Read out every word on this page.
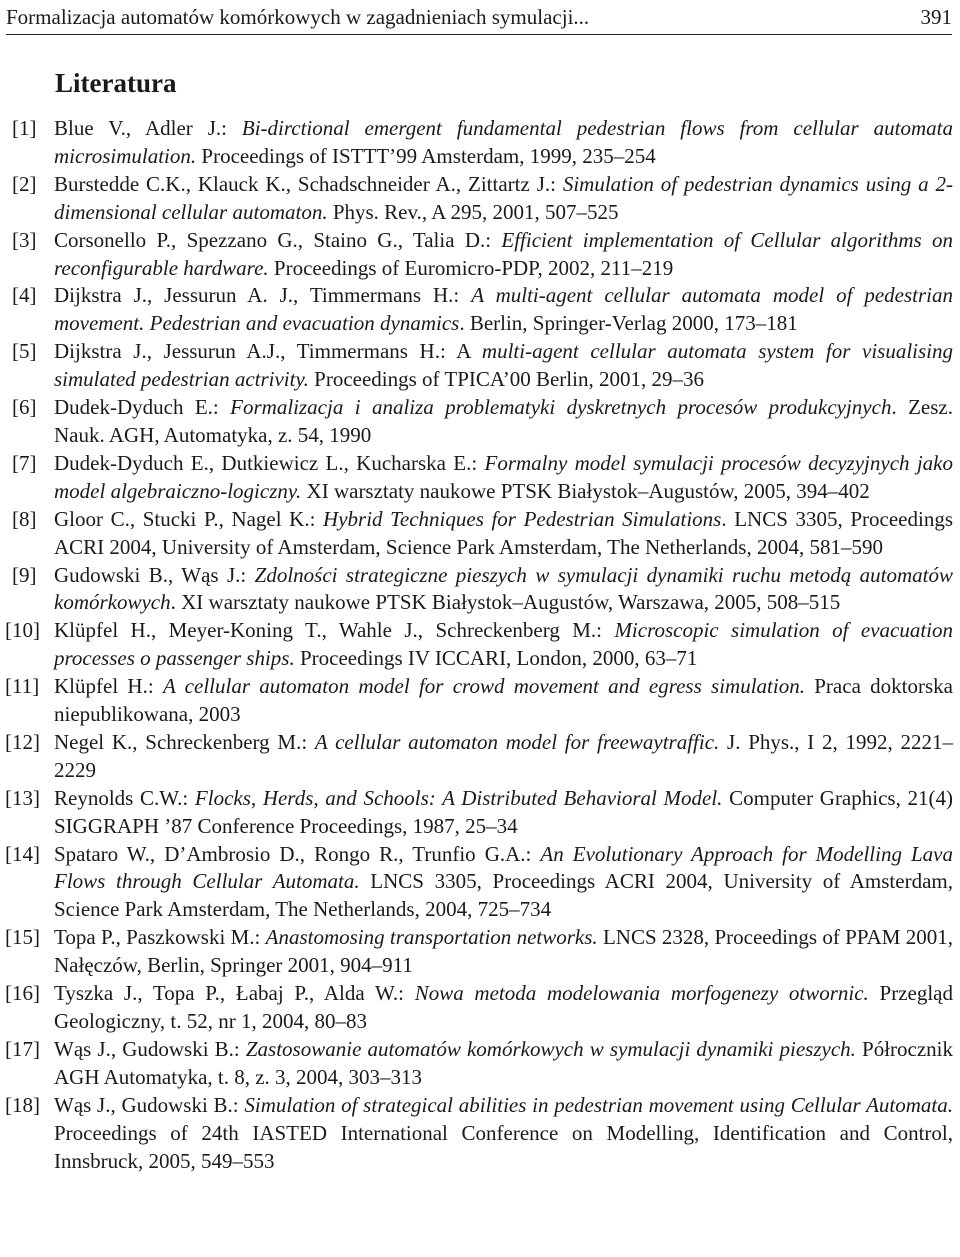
Formalizacja automatów komórkowych w zagadnieniach symulacji...	391
Literatura
[1] Blue V., Adler J.: Bi-dirctional emergent fundamental pedestrian flows from cellular automata microsimulation. Proceedings of ISTTT’99 Amsterdam, 1999, 235–254
[2] Burstedde C.K., Klauck K., Schadschneider A., Zittartz J.: Simulation of pedestrian dynamics using a 2-dimensional cellular automaton. Phys. Rev., A 295, 2001, 507–525
[3] Corsonello P., Spezzano G., Staino G., Talia D.: Efficient implementation of Cellular algorithms on reconfigurable hardware. Proceedings of Euromicro-PDP, 2002, 211–219
[4] Dijkstra J., Jessurun A. J., Timmermans H.: A multi-agent cellular automata model of pedestrian movement. Pedestrian and evacuation dynamics. Berlin, Springer-Verlag 2000, 173–181
[5] Dijkstra J., Jessurun A.J., Timmermans H.: A multi-agent cellular automata system for visualising simulated pedestrian actrivity. Proceedings of TPICA’00 Berlin, 2001, 29–36
[6] Dudek-Dyduch E.: Formalizacja i analiza problematyki dyskretnych procesów produkcyjnych. Zesz. Nauk. AGH, Automatyka, z. 54, 1990
[7] Dudek-Dyduch E., Dutkiewicz L., Kucharska E.: Formalny model symulacji procesów decyzyjnych jako model algebraiczno-logiczny. XI warsztaty naukowe PTSK Białystok–Augustów, 2005, 394–402
[8] Gloor C., Stucki P., Nagel K.: Hybrid Techniques for Pedestrian Simulations. LNCS 3305, Proceedings ACRI 2004, University of Amsterdam, Science Park Amsterdam, The Netherlands, 2004, 581–590
[9] Gudowski B., Wąs J.: Zdolności strategiczne pieszych w symulacji dynamiki ruchu metodą automatów komórkowych. XI warsztaty naukowe PTSK Białystok–Augustów, Warszawa, 2005, 508–515
[10] Klüpfel H., Meyer-Koning T., Wahle J., Schreckenberg M.: Microscopic simulation of evacuation processes o passenger ships. Proceedings IV ICCARI, London, 2000, 63–71
[11] Klüpfel H.: A cellular automaton model for crowd movement and egress simulation. Praca doktorska niepublikowana, 2003
[12] Negel K., Schreckenberg M.: A cellular automaton model for freewaytraffic. J. Phys., I 2, 1992, 2221–2229
[13] Reynolds C.W.: Flocks, Herds, and Schools: A Distributed Behavioral Model. Computer Graphics, 21(4) SIGGRAPH ’87 Conference Proceedings, 1987, 25–34
[14] Spataro W., D’Ambrosio D., Rongo R., Trunfio G.A.: An Evolutionary Approach for Modelling Lava Flows through Cellular Automata. LNCS 3305, Proceedings ACRI 2004, University of Amsterdam, Science Park Amsterdam, The Netherlands, 2004, 725–734
[15] Topa P., Paszkowski M.: Anastomosing transportation networks. LNCS 2328, Proceedings of PPAM 2001, Nałęczów, Berlin, Springer 2001, 904–911
[16] Tyszka J., Topa P., Łabaj P., Alda W.: Nowa metoda modelowania morfogenezy otwornic. Przegląd Geologiczny, t. 52, nr 1, 2004, 80–83
[17] Wąs J., Gudowski B.: Zastosowanie automatów komórkowych w symulacji dynamiki pieszych. Półrocznik AGH Automatyka, t. 8, z. 3, 2004, 303–313
[18] Wąs J., Gudowski B.: Simulation of strategical abilities in pedestrian movement using Cellular Automata. Proceedings of 24th IASTED International Conference on Modelling, Identification and Control, Innsbruck, 2005, 549–553
